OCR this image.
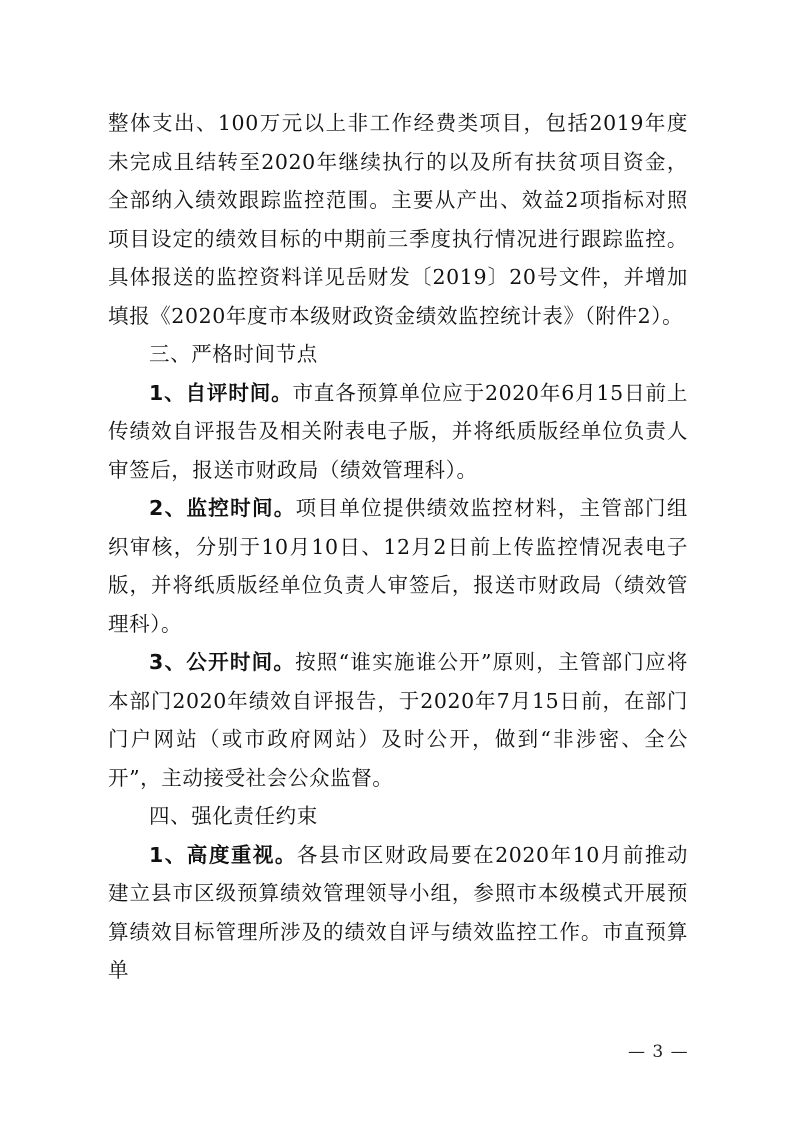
整体支出、100万元以上非工作经费类项目，包括2019年度未完成且结转至2020年继续执行的以及所有扶贫项目资金，全部纳入绩效跟踪监控范围。主要从产出、效益2项指标对照项目设定的绩效目标的中期前三季度执行情况进行跟踪监控。具体报送的监控资料详见岳财发〔2019〕20号文件，并增加填报《2020年度市本级财政资金绩效监控统计表》（附件2）。

三、严格时间节点

1、自评时间。市直各预算单位应于2020年6月15日前上传绩效自评报告及相关附表电子版，并将纸质版经单位负责人审签后，报送市财政局（绩效管理科）。

2、监控时间。项目单位提供绩效监控材料，主管部门组织审核，分别于10月10日、12月2日前上传监控情况表电子版，并将纸质版经单位负责人审签后，报送市财政局（绩效管理科）。

3、公开时间。按照“谁实施谁公开”原则，主管部门应将本部门2020年绩效自评报告，于2020年7月15日前，在部门门户网站（或市政府网站）及时公开，做到“非涉密、全公开”，主动接受社会公众监督。

四、强化责任约束

1、高度重视。各县市区财政局要在2020年10月前推动建立县市区级预算绩效管理领导小组，参照市本级模式开展预算绩效目标管理所涉及的绩效自评与绩效监控工作。市直预算单

— 3 —
